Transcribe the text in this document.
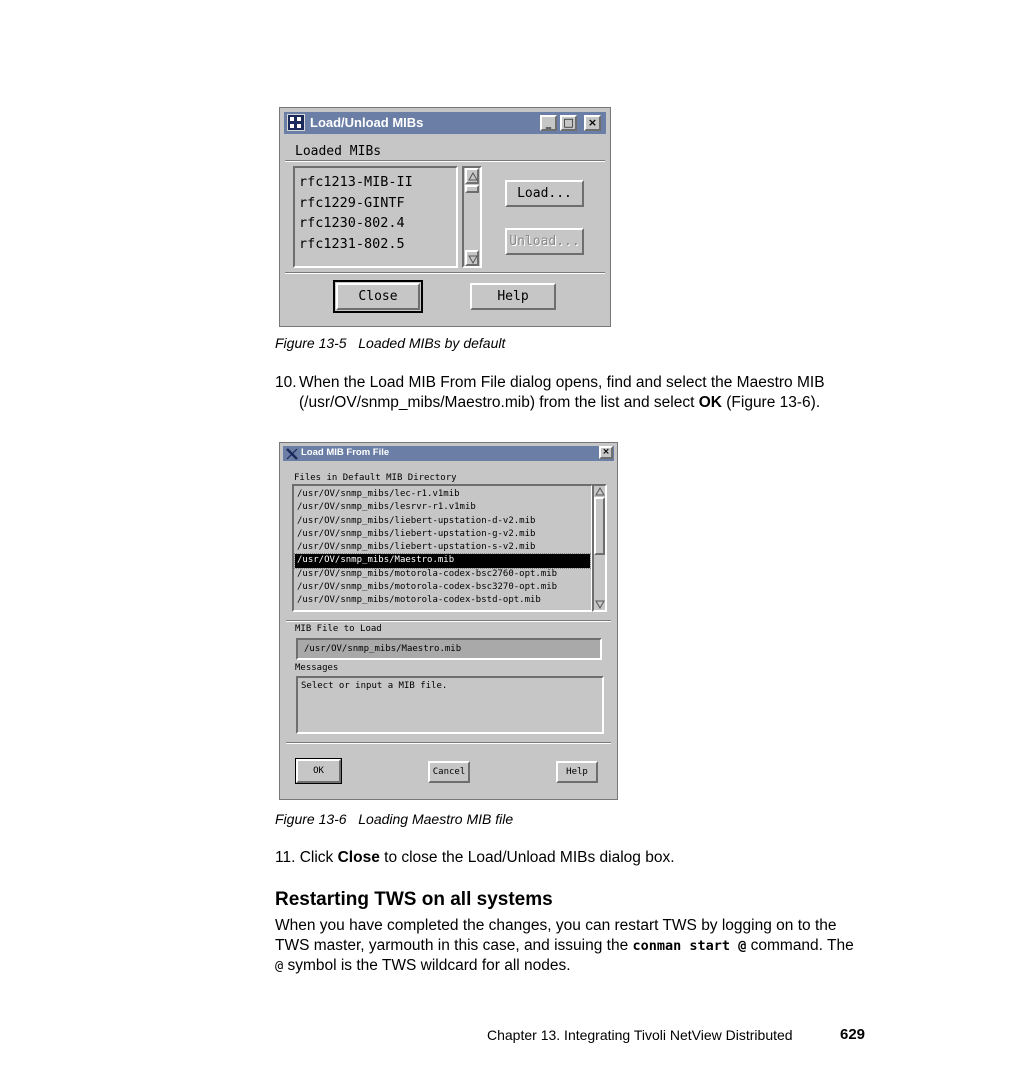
Load/Unload MIBs	_	□	×
Loaded MIBs
rfc1213-MIB-II
rfc1229-GINTF
rfc1230-802.4
rfc1231-802.5
Load...
Unload...
Close	Help
Figure 13-5   Loaded MIBs by default
10. When the Load MIB From File dialog opens, find and select the Maestro MIB (/usr/OV/snmp_mibs/Maestro.mib) from the list and select OK (Figure 13-6).
Load MIB From File	×
Files in Default MIB Directory
/usr/OV/snmp_mibs/lec-r1.v1mib
/usr/OV/snmp_mibs/lesrvr-r1.v1mib
/usr/OV/snmp_mibs/liebert-upstation-d-v2.mib
/usr/OV/snmp_mibs/liebert-upstation-g-v2.mib
/usr/OV/snmp_mibs/liebert-upstation-s-v2.mib
/usr/OV/snmp_mibs/Maestro.mib
/usr/OV/snmp_mibs/motorola-codex-bsc2760-opt.mib
/usr/OV/snmp_mibs/motorola-codex-bsc3270-opt.mib
/usr/OV/snmp_mibs/motorola-codex-bstd-opt.mib
MIB File to Load
/usr/OV/snmp_mibs/Maestro.mib
Messages
Select or input a MIB file.
OK	Cancel	Help
Figure 13-6   Loading Maestro MIB file
11. Click Close to close the Load/Unload MIBs dialog box.
Restarting TWS on all systems
When you have completed the changes, you can restart TWS by logging on to the TWS master, yarmouth in this case, and issuing the conman start @ command. The @ symbol is the TWS wildcard for all nodes.
Chapter 13. Integrating Tivoli NetView Distributed	629
